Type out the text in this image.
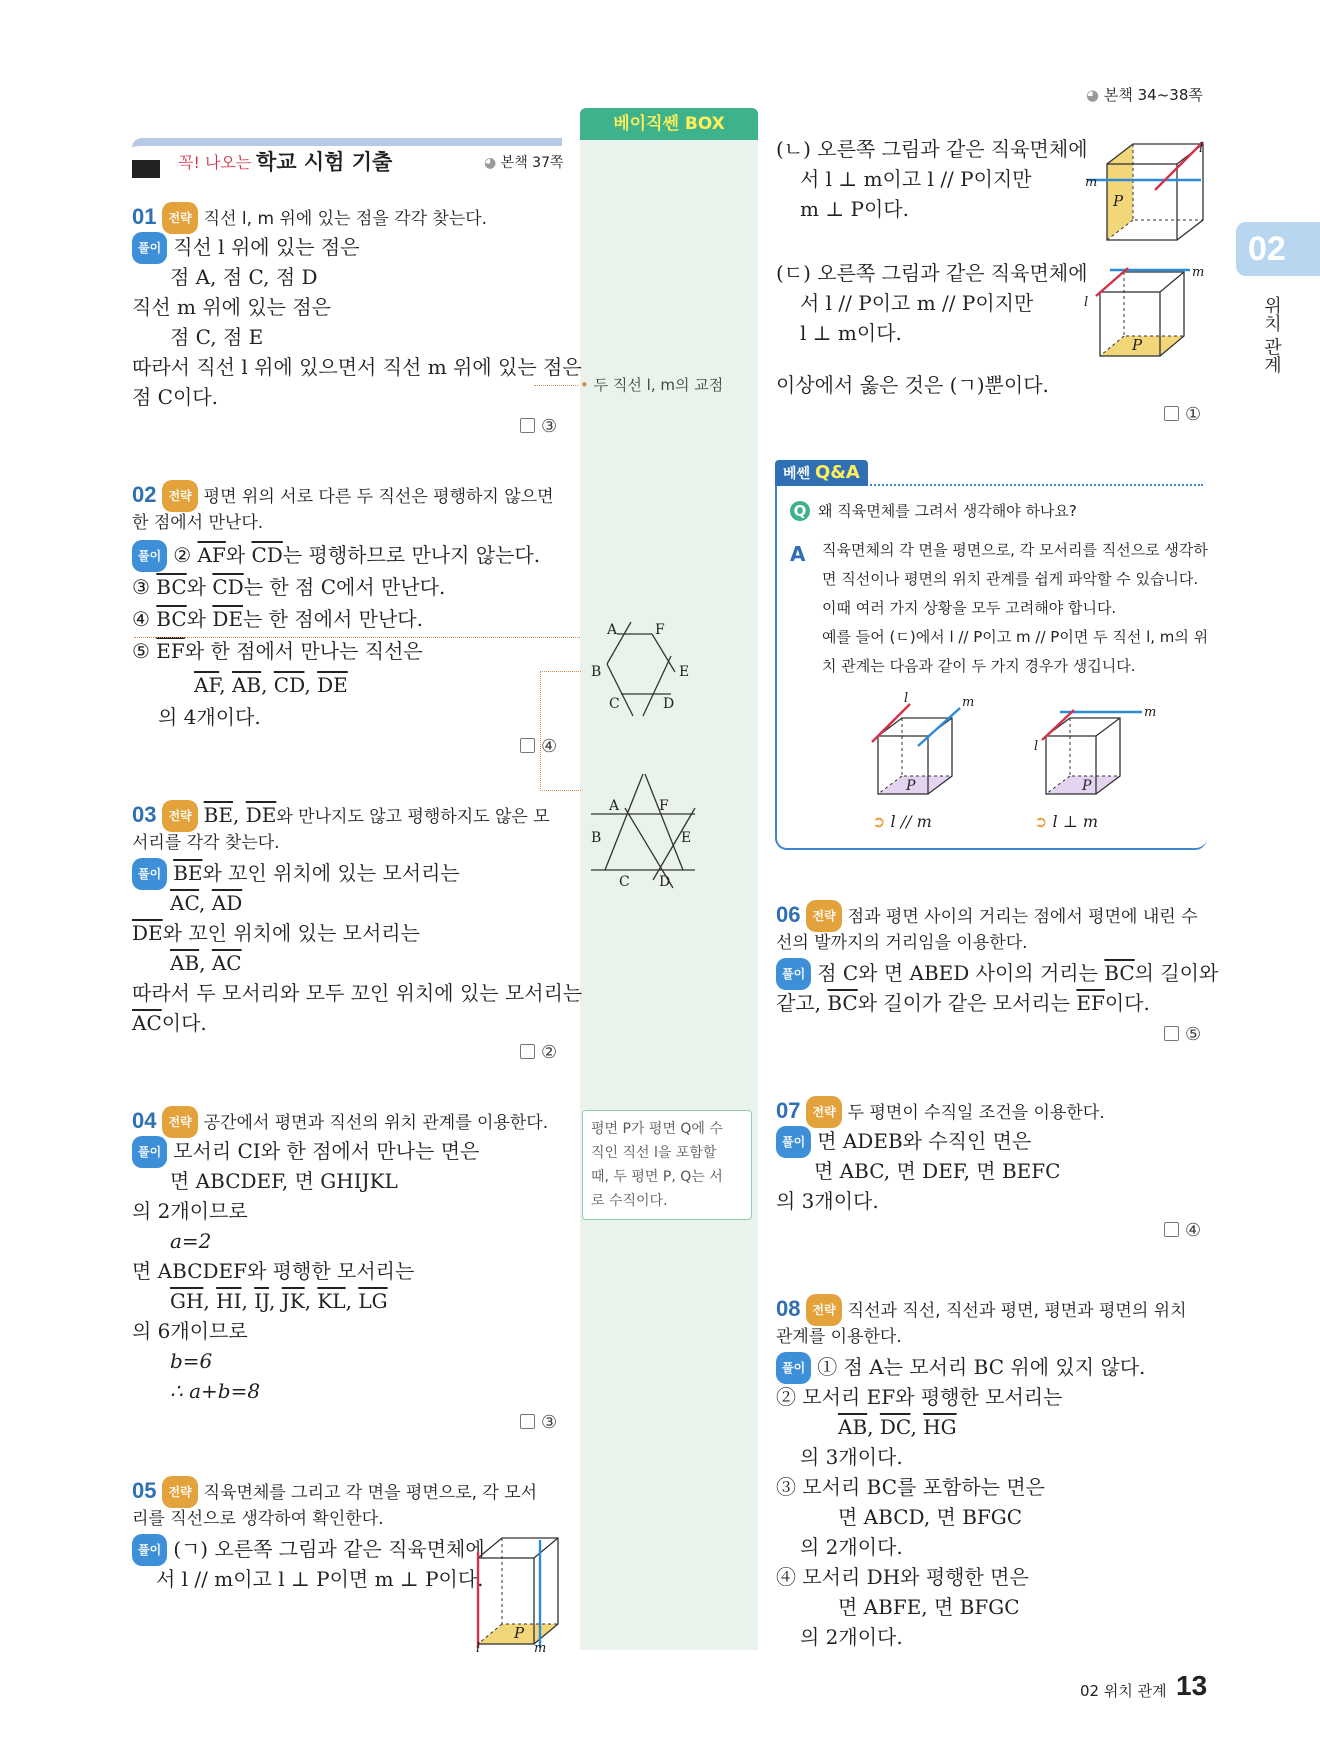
◕ 본책 34~38쪽
02
위치 관계
꼭! 나오는 학교 시험 기출	◕ 본책 37쪽
베이직쎈 BOX
01 전략 직선 l, m 위에 있는 점을 각각 찾는다.
풀이 직선 l 위에 있는 점은
점 A, 점 C, 점 D
직선 m 위에 있는 점은
점 C, 점 E
따라서 직선 l 위에 있으면서 직선 m 위에 있는 점은
점 C이다.
③
• 두 직선 l, m의 교점
02 전략 평면 위의 서로 다른 두 직선은 평행하지 않으면
한 점에서 만난다.
풀이 ② $\overline{AF}$와 $\overline{CD}$는 평행하므로 만나지 않는다.
③ $\overline{BC}$와 $\overline{CD}$는 한 점 C에서 만난다.
④ $\overline{BC}$와 $\overline{DE}$는 한 점에서 만난다.
⑤ $\overline{EF}$와 한 점에서 만나는 직선은
$\overline{AF}$, $\overline{AB}$, $\overline{CD}$, $\overline{DE}$
의 4개이다.
④
A	F
B	E
C	D
A	F
B	E
C D
03 전략 $\overline{BE}$, $\overline{DE}$와 만나지도 않고 평행하지도 않은 모
서리를 각각 찾는다.
풀이 $\overline{BE}$와 꼬인 위치에 있는 모서리는
$\overline{AC}$, $\overline{AD}$
$\overline{DE}$와 꼬인 위치에 있는 모서리는
$\overline{AB}$, $\overline{AC}$
따라서 두 모서리와 모두 꼬인 위치에 있는 모서리는
$\overline{AC}$이다.
②
04 전략 공간에서 평면과 직선의 위치 관계를 이용한다.
풀이 모서리 CI와 한 점에서 만나는 면은
면 ABCDEF, 면 GHIJKL
의 2개이므로
a=2
면 ABCDEF와 평행한 모서리는
$\overline{GH}$, $\overline{HI}$, $\overline{IJ}$, $\overline{JK}$, $\overline{KL}$, $\overline{LG}$
의 6개이므로
b=6
∴ a+b=8
③
평면 P가 평면 Q에 수
직인 직선 l을 포함할
때, 두 평면 P, Q는 서
로 수직이다.
05 전략 직육면체를 그리고 각 면을 평면으로, 각 모서
리를 직선으로 생각하여 확인한다.
풀이 (ㄱ) 오른쪽 그림과 같은 직육면체에
서 l // m이고 l ⊥ P이면 m ⊥ P이다.
P
l	m
(ㄴ) 오른쪽 그림과 같은 직육면체에
서 l ⊥ m이고 l // P이지만
m ⊥ P이다.	P
m
l
(ㄷ) 오른쪽 그림과 같은 직육면체에
서 l // P이고 m // P이지만
l ⊥ m이다.	P
m
l
이상에서 옳은 것은 (ㄱ)뿐이다.
①
베쎈 Q&A
Q 왜 직육면체를 그려서 생각해야 하나요?
A 직육면체의 각 면을 평면으로, 각 모서리를 직선으로 생각하
면 직선이나 평면의 위치 관계를 쉽게 파악할 수 있습니다.
이때 여러 가지 상황을 모두 고려해야 합니다.
예를 들어 (ㄷ)에서 l // P이고 m // P이면 두 직선 l, m의 위
치 관계는 다음과 같이 두 가지 경우가 생깁니다.
P
l	m
➲ l // m
P
m
l
➲ l ⊥ m
06 전략 점과 평면 사이의 거리는 점에서 평면에 내린 수
선의 발까지의 거리임을 이용한다.
풀이 점 C와 면 ABED 사이의 거리는 $\overline{BC}$의 길이와
같고, $\overline{BC}$와 길이가 같은 모서리는 $\overline{EF}$이다.
⑤
07 전략 두 평면이 수직일 조건을 이용한다.
풀이 면 ADEB와 수직인 면은
면 ABC, 면 DEF, 면 BEFC
의 3개이다.
④
08 전략 직선과 직선, 직선과 평면, 평면과 평면의 위치
관계를 이용한다.
풀이 ① 점 A는 모서리 BC 위에 있지 않다.
② 모서리 EF와 평행한 모서리는
$\overline{AB}$, $\overline{DC}$, $\overline{HG}$
의 3개이다.
③ 모서리 BC를 포함하는 면은
면 ABCD, 면 BFGC
의 2개이다.
④ 모서리 DH와 평행한 면은
면 ABFE, 면 BFGC
의 2개이다.
02 위치 관계 13
